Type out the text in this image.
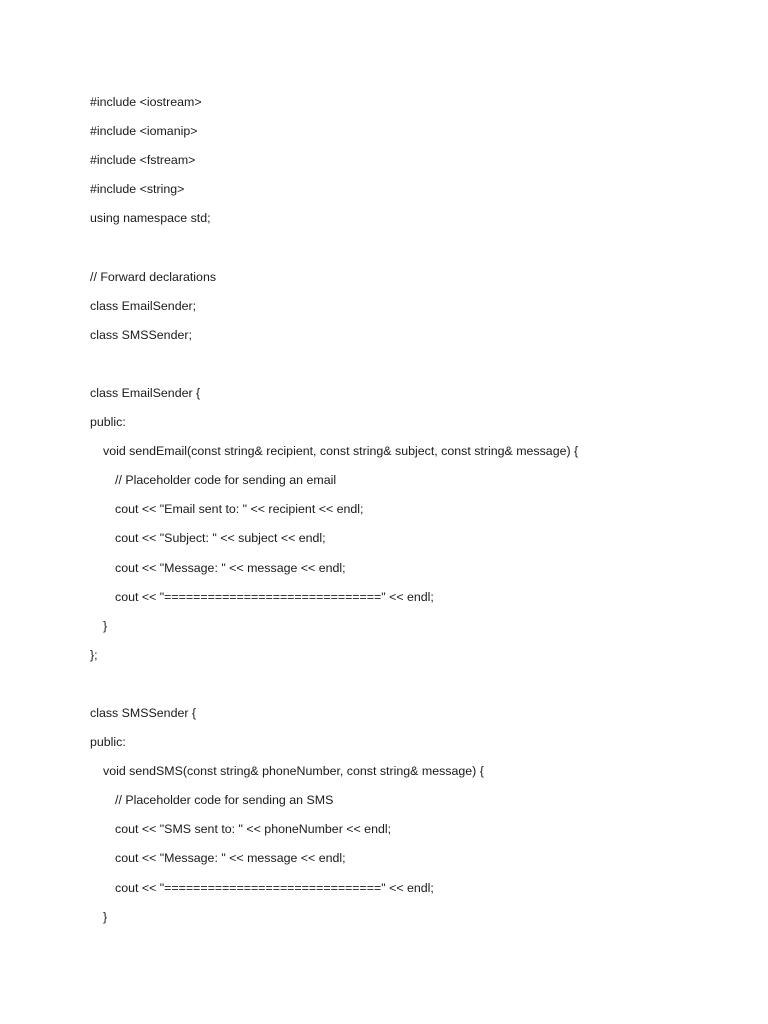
#include <iostream>
#include <iomanip>
#include <fstream>
#include <string>
using namespace std;
// Forward declarations
class EmailSender;
class SMSSender;
class EmailSender {
public:
void sendEmail(const string& recipient, const string& subject, const string& message) {
// Placeholder code for sending an email
cout << "Email sent to: " << recipient << endl;
cout << "Subject: " << subject << endl;
cout << "Message: " << message << endl;
cout << "==============================" << endl;
}
};
class SMSSender {
public:
void sendSMS(const string& phoneNumber, const string& message) {
// Placeholder code for sending an SMS
cout << "SMS sent to: " << phoneNumber << endl;
cout << "Message: " << message << endl;
cout << "==============================" << endl;
}
